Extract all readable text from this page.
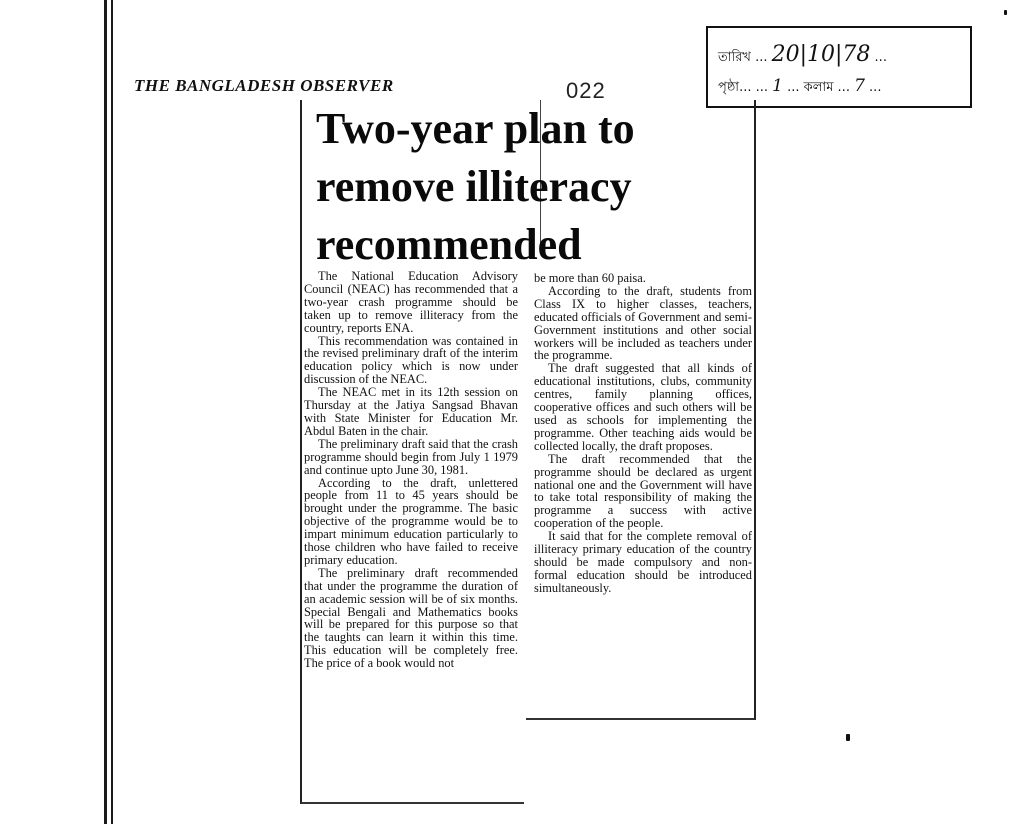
THE BANGLADESH OBSERVER	022
তারিখ ... 20|10|78 ...
পৃষ্ঠা... ... 1 ... কলাম ... 7 ...
Two-year plan to
remove illiteracy
recommended

The National Education Advisory Council (NEAC) has recommended that a two-year crash programme should be taken up to remove illiteracy from the country, reports ENA.

This recommendation was contained in the revised preliminary draft of the interim education policy which is now under discussion of the NEAC.

The NEAC met in its 12th session on Thursday at the Jatiya Sangsad Bhavan with State Minister for Education Mr. Abdul Baten in the chair.

The preliminary draft said that the crash programme should begin from July 1 1979 and continue upto June 30, 1981.

According to the draft, unlettered people from 11 to 45 years should be brought under the programme. The basic objective of the programme would be to impart minimum education particularly to those children who have failed to receive primary education.

The preliminary draft recommended that under the programme the duration of an academic session will be of six months. Special Bengali and Mathematics books will be prepared for this purpose so that the taughts can learn it within this time. This education will be completely free. The price of a book would not

be more than 60 paisa.

According to the draft, students from Class IX to higher classes, teachers, educated officials of Government and semi-Government institutions and other social workers will be included as teachers under the programme.

The draft suggested that all kinds of educational institutions, clubs, community centres, family planning offices, cooperative offices and such others will be used as schools for implementing the programme. Other teaching aids would be collected locally, the draft proposes.

The draft recommended that the programme should be declared as urgent national one and the Government will have to take total responsibility of making the programme a success with active cooperation of the people.

It said that for the complete removal of illiteracy primary education of the country should be made compulsory and non-formal education should be introduced simultaneously.
